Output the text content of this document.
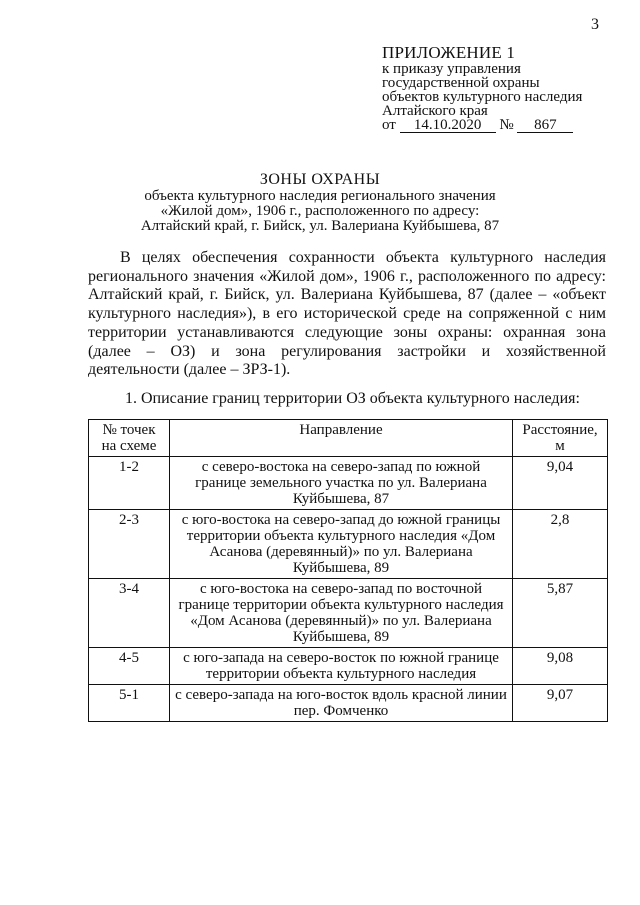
3
ПРИЛОЖЕНИЕ 1
к приказу управления
государственной охраны
объектов культурного наследия
Алтайского края
от 14.10.2020 № 867
ЗОНЫ ОХРАНЫ
объекта культурного наследия регионального значения
«Жилой дом», 1906 г., расположенного по адресу:
Алтайский край, г. Бийск, ул. Валериана Куйбышева, 87
В целях обеспечения сохранности объекта культурного наследия регионального значения «Жилой дом», 1906 г., расположенного по адресу: Алтайский край, г. Бийск, ул. Валериана Куйбышева, 87 (далее – «объект культурного наследия»), в его исторической среде на сопряженной с ним территории устанавливаются следующие зоны охраны: охранная зона (далее – ОЗ) и зона регулирования застройки и хозяйственной деятельности (далее – ЗРЗ-1).
1. Описание границ территории ОЗ объекта культурного наследия:
№ точек на схеме	Направление	Расстояние, м
1-2	с северо-востока на северо-запад по южной границе земельного участка по ул. Валериана Куйбышева, 87	9,04
2-3	с юго-востока на северо-запад до южной границы территории объекта культурного наследия «Дом Асанова (деревянный)» по ул. Валериана Куйбышева, 89	2,8
3-4	с юго-востока на северо-запад по восточной границе территории объекта культурного наследия «Дом Асанова (деревянный)» по ул. Валериана Куйбышева, 89	5,87
4-5	с юго-запада на северо-восток по южной границе территории объекта культурного наследия	9,08
5-1	с северо-запада на юго-восток вдоль красной линии пер. Фомченко	9,07
